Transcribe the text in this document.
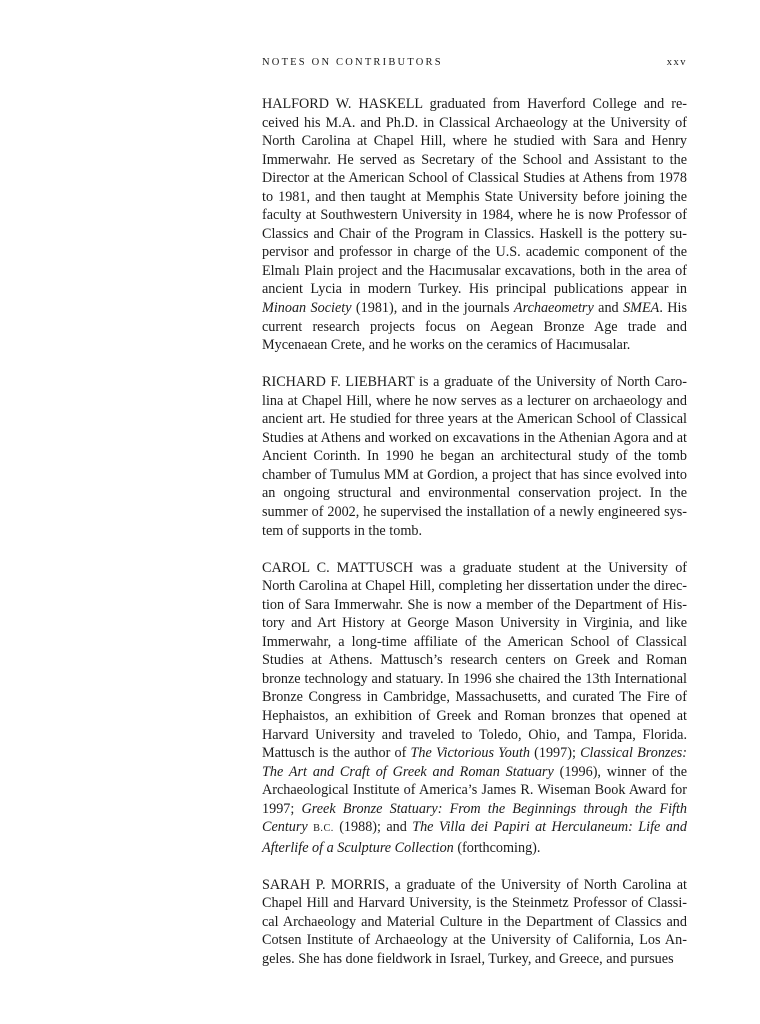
NOTES ON CONTRIBUTORS	xxv

HALFORD W. HASKELL graduated from Haverford College and received his M.A. and Ph.D. in Classical Archaeology at the University of North Carolina at Chapel Hill, where he studied with Sara and Henry Immerwahr. He served as Secretary of the School and Assistant to the Director at the American School of Classical Studies at Athens from 1978 to 1981, and then taught at Memphis State University before joining the faculty at Southwestern University in 1984, where he is now Professor of Classics and Chair of the Program in Classics. Haskell is the pottery supervisor and professor in charge of the U.S. academic component of the Elmalı Plain project and the Hacımusalar excavations, both in the area of ancient Lycia in modern Turkey. His principal publications appear in Minoan Society (1981), and in the journals Archaeometry and SMEA. His current research projects focus on Aegean Bronze Age trade and Mycenaean Crete, and he works on the ceramics of Hacımusalar.

RICHARD F. LIEBHART is a graduate of the University of North Carolina at Chapel Hill, where he now serves as a lecturer on archaeology and ancient art. He studied for three years at the American School of Classical Studies at Athens and worked on excavations in the Athenian Agora and at Ancient Corinth. In 1990 he began an architectural study of the tomb chamber of Tumulus MM at Gordion, a project that has since evolved into an ongoing structural and environmental conservation project. In the summer of 2002, he supervised the installation of a newly engineered system of supports in the tomb.

CAROL C. MATTUSCH was a graduate student at the University of North Carolina at Chapel Hill, completing her dissertation under the direction of Sara Immerwahr. She is now a member of the Department of History and Art History at George Mason University in Virginia, and like Immerwahr, a long-time affiliate of the American School of Classical Studies at Athens. Mattusch’s research centers on Greek and Roman bronze technology and statuary. In 1996 she chaired the 13th International Bronze Congress in Cambridge, Massachusetts, and curated The Fire of Hephaistos, an exhibition of Greek and Roman bronzes that opened at Harvard University and traveled to Toledo, Ohio, and Tampa, Florida. Mattusch is the author of The Victorious Youth (1997); Classical Bronzes: The Art and Craft of Greek and Roman Statuary (1996), winner of the Archaeological Institute of America’s James R. Wiseman Book Award for 1997; Greek Bronze Statuary: From the Beginnings through the Fifth Century B.C. (1988); and The Villa dei Papiri at Herculaneum: Life and Afterlife of a Sculpture Collection (forthcoming).

SARAH P. MORRIS, a graduate of the University of North Carolina at Chapel Hill and Harvard University, is the Steinmetz Professor of Classical Archaeology and Material Culture in the Department of Classics and Cotsen Institute of Archaeology at the University of California, Los Angeles. She has done fieldwork in Israel, Turkey, and Greece, and pursues
